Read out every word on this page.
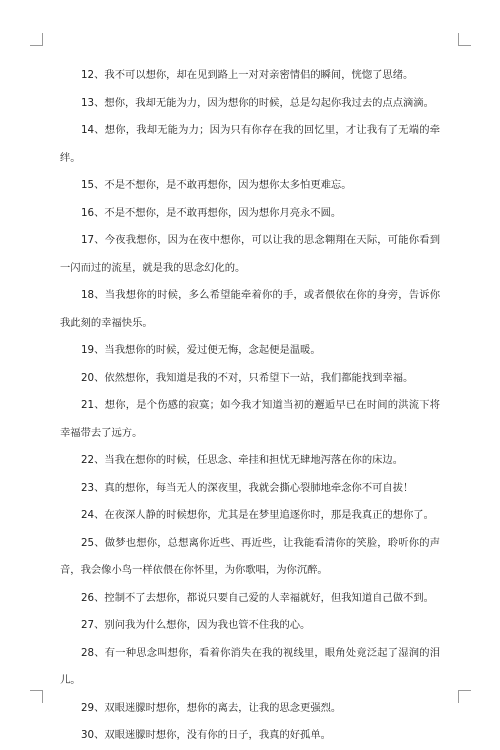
12、我不可以想你，却在见到路上一对对亲密情侣的瞬间，恍惚了思绪。

13、想你，我却无能为力，因为想你的时候，总是勾起你我过去的点点滴滴。

14、想你，我却无能为力；因为只有你存在我的回忆里，才让我有了无端的牵绊。

15、不是不想你，是不敢再想你，因为想你太多怕更难忘。

16、不是不想你，是不敢再想你，因为想你月亮永不圆。

17、今夜我想你，因为在夜中想你，可以让我的思念翱翔在天际，可能你看到一闪而过的流星，就是我的思念幻化的。

18、当我想你的时候，多么希望能牵着你的手，或者偎依在你的身旁，告诉你我此刻的幸福快乐。

19、当我想你的时候，爱过便无悔，念起便是温暖。

20、依然想你，我知道是我的不对，只希望下一站，我们都能找到幸福。

21、想你，是个伤感的寂寞；如今我才知道当初的邂逅早已在时间的洪流下将幸福带去了远方。

22、当我在想你的时候，任思念、牵挂和担忧无肆地泻落在你的床边。

23、真的想你，每当无人的深夜里，我就会撕心裂肺地牵念你不可自拔！

24、在夜深人静的时候想你，尤其是在梦里追逐你时，那是我真正的想你了。

25、做梦也想你，总想离你近些、再近些，让我能看清你的笑脸，聆听你的声音，我会像小鸟一样依偎在你怀里，为你歌唱，为你沉醉。

26、控制不了去想你，都说只要自己爱的人幸福就好，但我知道自己做不到。

27、别问我为什么想你，因为我也管不住我的心。

28、有一种思念叫想你，看着你消失在我的视线里，眼角处竟泛起了湿润的泪儿。

29、双眼迷朦时想你，想你的离去，让我的思念更强烈。

30、双眼迷朦时想你，没有你的日子，我真的好孤单。
